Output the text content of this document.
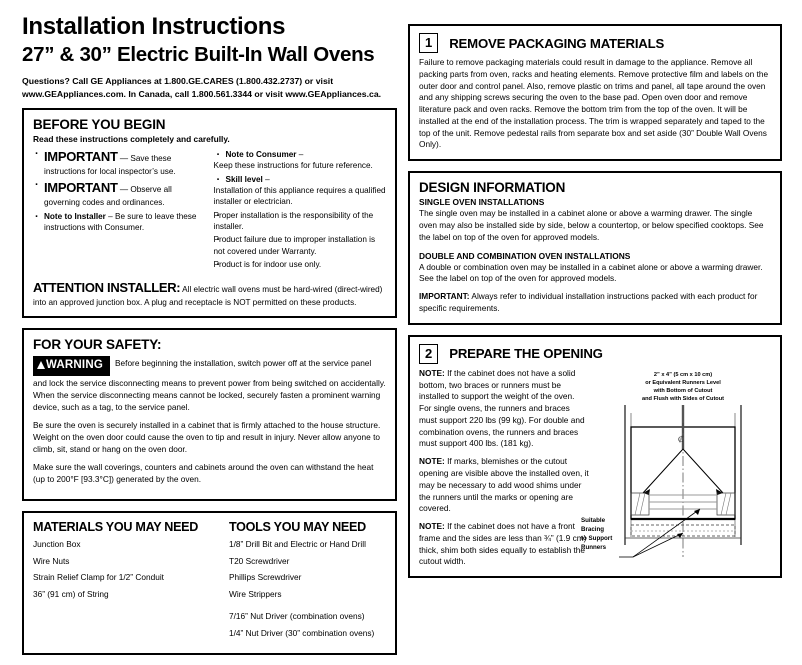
Installation Instructions
27” & 30” Electric Built-In Wall Ovens

Questions? Call GE Appliances at 1.800.GE.CARES (1.800.432.2737) or visit
www.GEAppliances.com. In Canada, call 1.800.561.3344 or visit www.GEAppliances.ca.

BEFORE YOU BEGIN

Read these instructions completely and carefully.

· IMPORTANT — Save these instructions for local inspector’s use.
· IMPORTANT — Observe all governing codes and ordinances.
· Note to Installer – Be sure to leave these instructions with Consumer.
· Note to Consumer –
Keep these instructions for future reference.
· Skill level –
Installation of this appliance requires a qualified installer or electrician.
· Proper installation is the responsibility of the installer.
· Product failure due to improper installation is not covered under Warranty.
· Product is for indoor use only.

ATTENTION INSTALLER: All electric wall ovens must be hard-wired (direct-wired) into an approved junction box. A plug and receptacle is NOT permitted on these products.

FOR YOUR SAFETY:

WARNING Before beginning the installation, switch power off at the service panel and lock the service disconnecting means to prevent power from being switched on accidentally. When the service disconnecting means cannot be locked, securely fasten a prominent warning device, such as a tag, to the service panel.

Be sure the oven is securely installed in a cabinet that is firmly attached to the house structure. Weight on the oven door could cause the oven to tip and result in injury. Never allow anyone to climb, sit, stand or hang on the oven door.

Make sure the wall coverings, counters and cabinets around the oven can withstand the heat (up to 200°F [93.3°C]) generated by the oven.

MATERIALS YOU MAY NEED
Junction Box
Wire Nuts
Strain Relief Clamp for 1/2” Conduit
36” (91 cm) of String
TOOLS YOU MAY NEED
1/8” Drill Bit and Electric or Hand Drill
T20 Screwdriver
Phillips Screwdriver
Wire Strippers
7/16” Nut Driver (combination ovens)
1/4” Nut Driver (30” combination ovens)
1	REMOVE PACKAGING MATERIALS

Failure to remove packaging materials could result in damage to the appliance. Remove all packing parts from oven, racks and heating elements. Remove protective film and labels on the outer door and control panel. Also, remove plastic on trims and panel, all tape around the oven and any shipping screws securing the oven to the base pad. Open oven door and remove literature pack and oven racks. Remove the bottom trim from the top of the oven. It will be installed at the end of the installation process. The trim is wrapped separately and taped to the top of the unit. Remove pedestal rails from separate box and set aside (30” Double Wall Ovens Only).

DESIGN INFORMATION
SINGLE OVEN INSTALLATIONS

The single oven may be installed in a cabinet alone or above a warming drawer. The single oven may also be installed side by side, below a countertop, or below specified cooktops. See the label on top of the oven for approved models.

DOUBLE AND COMBINATION OVEN INSTALLATIONS

A double or combination oven may be installed in a cabinet alone or above a warming drawer. See the label on top of the oven for approved models.

IMPORTANT: Always refer to individual installation instructions packed with each product for specific requirements.

2	PREPARE THE OPENING

NOTE: If the cabinet does not have a solid bottom, two braces or runners must be installed to support the weight of the oven. For single ovens, the runners and braces must support 220 lbs (99 kg). For double and combination ovens, the runners and braces must support 400 lbs. (181 kg).

NOTE: If marks, blemishes or the cutout opening are visible above the installed oven, it may be necessary to add wood shims under the runners until the marks or opening are covered.

NOTE: If the cabinet does not have a front frame and the sides are less than ¾” (1.9 cm) thick, shim both sides equally to establish the cutout width.

2” x 4” (5 cm x 10 cm)
or Equivalent Runners Level
with Bottom of Cutout
and Flush with Sides of Cutout

₡
Suitable
Bracing
to Support
Runners
